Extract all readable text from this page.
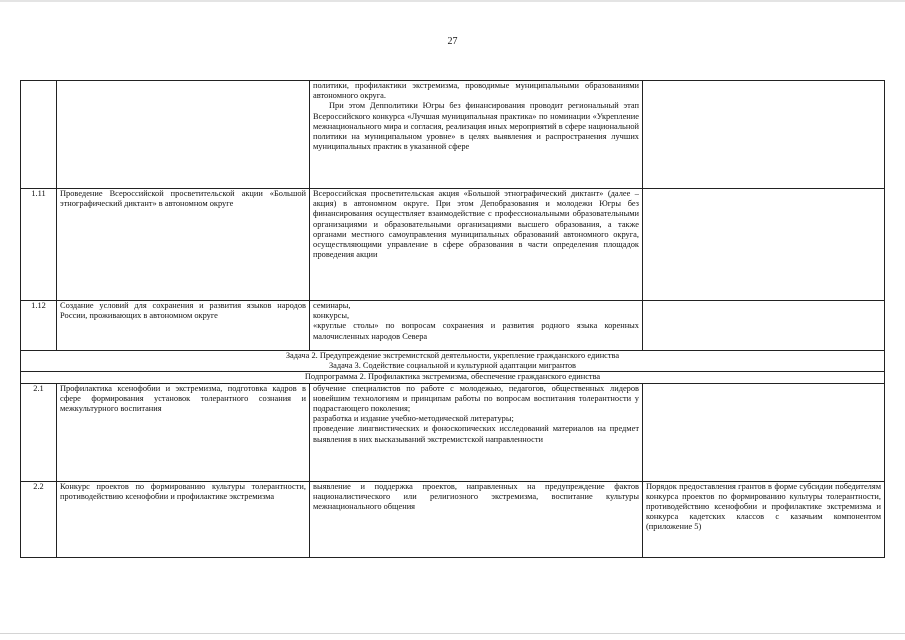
27

		политики, профилактики экстремизма, проводимые муниципальными образованиями автономного округа.
При этом Депполитики Югры без финансирования проводит региональный этап Всероссийского конкурса «Лучшая муниципальная практика» по номинации «Укрепление межнационального мира и согласия, реализация иных мероприятий в сфере национальной политики на муниципальном уровне» в целях выявления и распространения лучших муниципальных практик в указанной сфере	

1.11	Проведение Всероссийской просветительской акции «Большой этнографический диктант» в автономном округе	Всероссийская просветительская акция «Большой этнографический диктант» (далее – акция) в автономном округе. При этом Депобразования и молодежи Югры без финансирования осуществляет взаимодействие с профессиональными образовательными организациями и образовательными организациями высшего образования, а также органами местного самоуправления муниципальных образований автономного округа, осуществляющими управление в сфере образования в части определения площадок проведения акции	
1.12	Создание условий для сохранения и развития языков народов России, проживающих в автономном округе	семинары,
конкурсы,
«круглые столы» по вопросам сохранения и развития родного языка коренных малочисленных народов Севера	

Задача 2. Предупреждение экстремистской деятельности, укрепление гражданского единства
Задача 3. Содействие социальной и культурной адаптации мигрантов			

Подпрограмма 2. Профилактика экстремизма, обеспечение гражданского единства			

2.1	Профилактика ксенофобии и экстремизма, подготовка кадров в сфере формирования установок толерантного сознания и межкультурного воспитания	обучение специалистов по работе с молодежью, педагогов, общественных лидеров новейшим технологиям и принципам работы по вопросам воспитания толерантности у подрастающего поколения;
разработка и издание учебно-методической литературы;
проведение лингвистических и фоноскопических исследований материалов на предмет выявления в них высказываний экстремистской направленности	

2.2	Конкурс проектов по формированию культуры толерантности, противодействию ксенофобии и профилактике экстремизма	выявление и поддержка проектов, направленных на предупреждение фактов националистического или религиозного экстремизма, воспитание культуры межнационального общения	Порядок предоставления грантов в форме субсидии победителям конкурса проектов по формированию культуры толерантности, противодействию ксенофобии и профилактике экстремизма и конкурса кадетских классов с казачьим компонентом (приложение 5)
